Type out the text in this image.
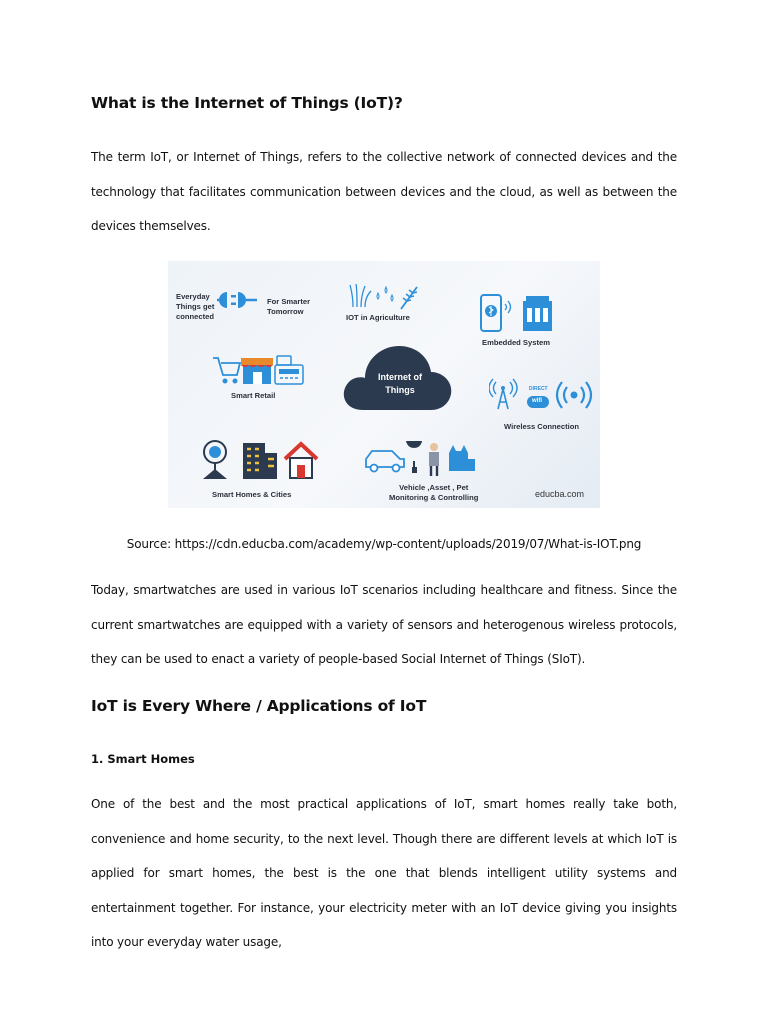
What is the Internet of Things (IoT)?
The term IoT, or Internet of Things, refers to the collective network of connected devices and the technology that facilitates communication between devices and the cloud, as well as between the devices themselves.
Everyday
Things get
connected
For Smarter
Tomorrow
IOT in Agriculture
Embedded System
Smart Retail
Internet of
Things	DIRECT
wifi
Wireless Connection
Smart Homes & Cities
Vehicle ,Asset , Pet
Monitoring & Controlling	educba.com
Source: https://cdn.educba.com/academy/wp-content/uploads/2019/07/What-is-IOT.png
Today, smartwatches are used in various IoT scenarios including healthcare and fitness. Since the current smartwatches are equipped with a variety of sensors and heterogenous wireless protocols, they can be used to enact a variety of people-based Social Internet of Things (SIoT).
IoT is Every Where / Applications of IoT
1. Smart Homes
One of the best and the most practical applications of IoT, smart homes really take both, convenience and home security, to the next level. Though there are different levels at which IoT is applied for smart homes, the best is the one that blends intelligent utility systems and entertainment together. For instance, your electricity meter with an IoT device giving you insights into your everyday water usage,
